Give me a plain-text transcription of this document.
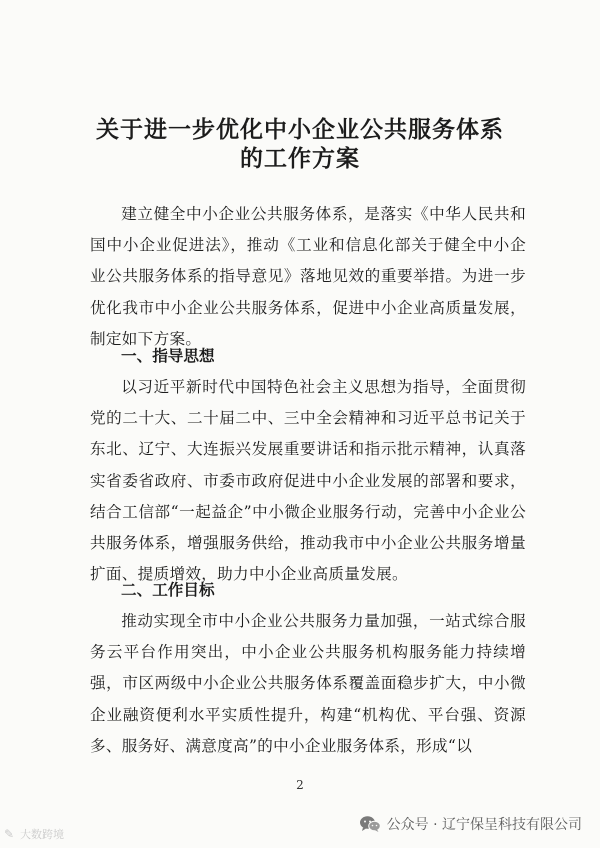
关于进一步优化中小企业公共服务体系
的工作方案

建立健全中小企业公共服务体系，是落实《中华人民共和国中小企业促进法》，推动《工业和信息化部关于健全中小企业公共服务体系的指导意见》落地见效的重要举措。为进一步优化我市中小企业公共服务体系，促进中小企业高质量发展，制定如下方案。

一、指导思想

以习近平新时代中国特色社会主义思想为指导，全面贯彻党的二十大、二十届二中、三中全会精神和习近平总书记关于东北、辽宁、大连振兴发展重要讲话和指示批示精神，认真落实省委省政府、市委市政府促进中小企业发展的部署和要求，结合工信部“一起益企”中小微企业服务行动，完善中小企业公共服务体系，增强服务供给，推动我市中小企业公共服务增量扩面、提质增效，助力中小企业高质量发展。

二、工作目标

推动实现全市中小企业公共服务力量加强，一站式综合服务云平台作用突出，中小企业公共服务机构服务能力持续增强，市区两级中小企业公共服务体系覆盖面稳步扩大，中小微企业融资便利水平实质性提升，构建“机构优、平台强、资源多、服务好、满意度高”的中小企业服务体系，形成“以

2
✎ 大数跨境
公众号 · 辽宁保呈科技有限公司
